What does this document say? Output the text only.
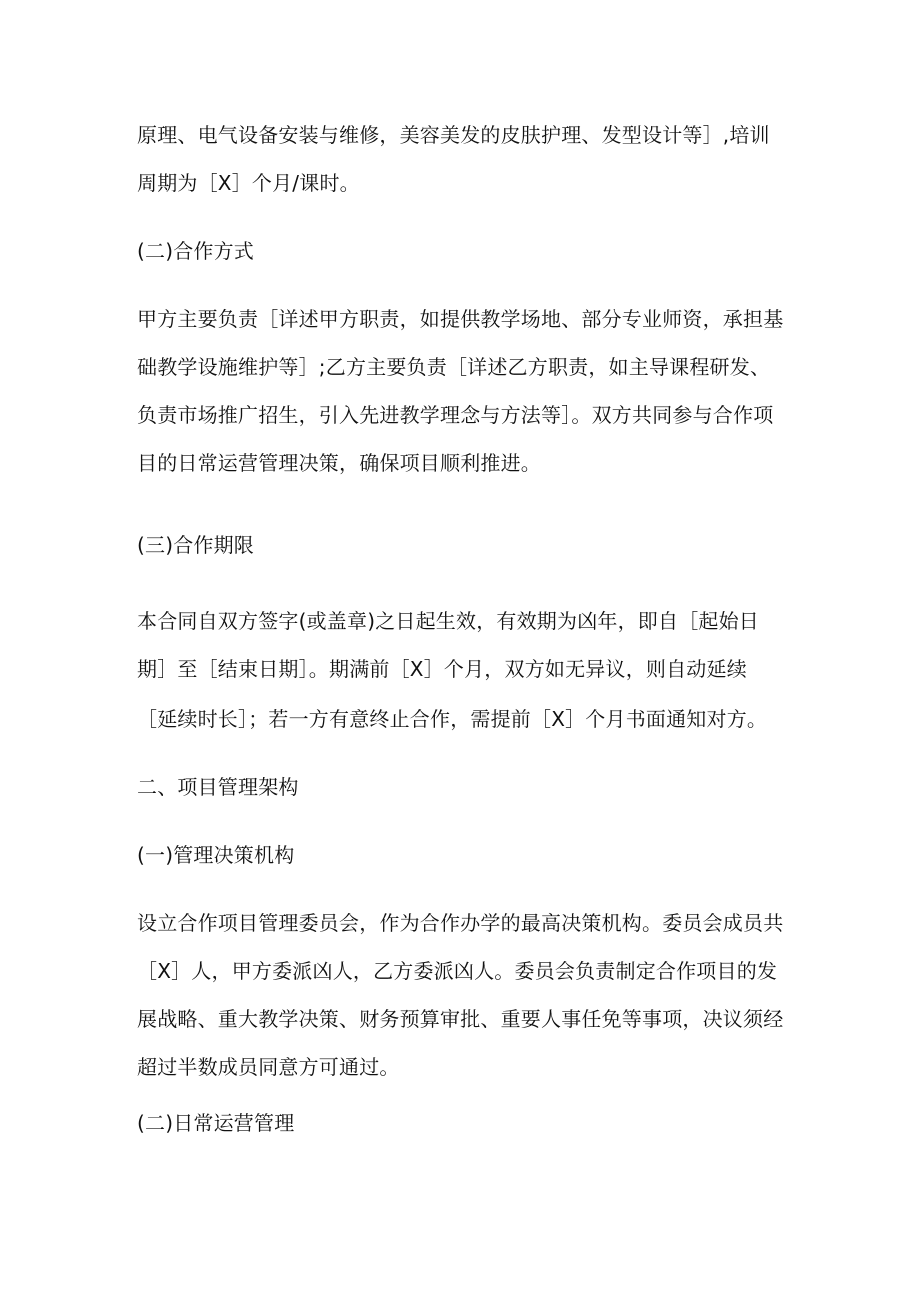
原理、电气设备安装与维修，美容美发的皮肤护理、发型设计等］,培训
周期为［X］个月/课时。
(二)合作方式
甲方主要负责［详述甲方职责，如提供教学场地、部分专业师资，承担基
础教学设施维护等］;乙方主要负责［详述乙方职责，如主导课程研发、
负责市场推广招生，引入先进教学理念与方法等］。双方共同参与合作项
目的日常运营管理决策，确保项目顺利推进。
(三)合作期限
本合同自双方签字(或盖章)之日起生效，有效期为凶年，即自［起始日
期］至［结束日期］。期满前［X］个月，双方如无异议，则自动延续
［延续时长］；若一方有意终止合作，需提前［X］个月书面通知对方。
二、项目管理架构
(一)管理决策机构
设立合作项目管理委员会，作为合作办学的最高决策机构。委员会成员共
［X］人，甲方委派凶人，乙方委派凶人。委员会负责制定合作项目的发
展战略、重大教学决策、财务预算审批、重要人事任免等事项，决议须经
超过半数成员同意方可通过。
(二)日常运营管理
